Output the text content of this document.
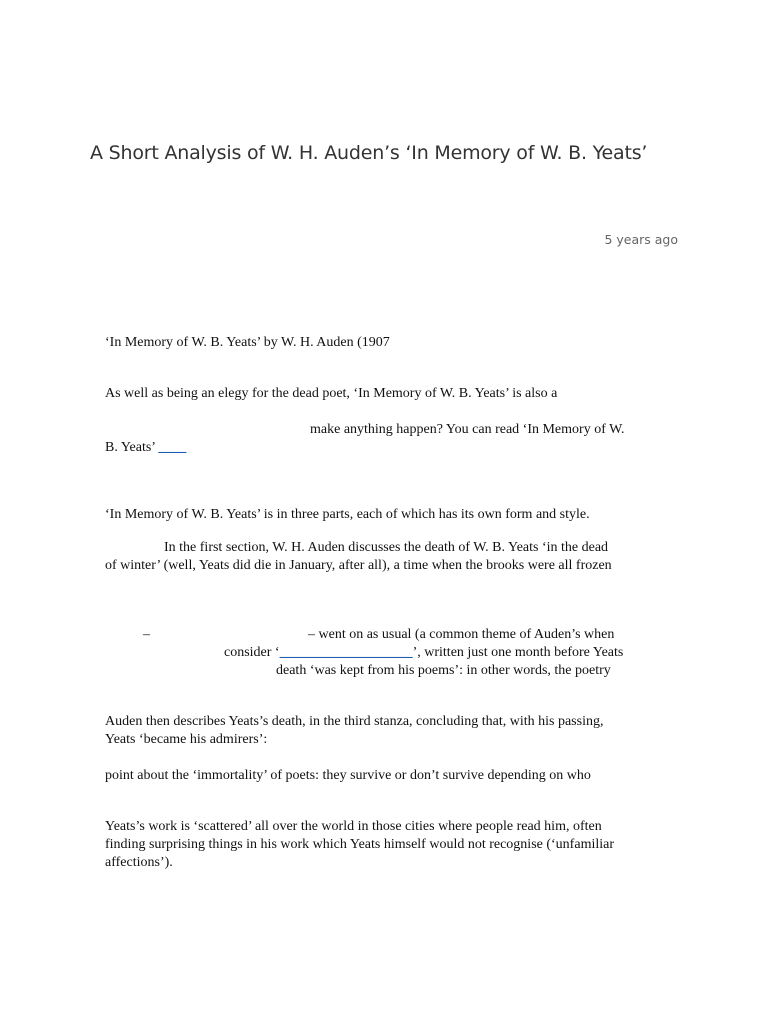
A Short Analysis of W. H. Auden’s ‘In Memory of W. B. Yeats’
5 years ago
‘In Memory of W. B. Yeats’ by W. H. Auden (1907
As well as being an elegy for the dead poet, ‘In Memory of W. B. Yeats’ is also a
make anything happen? You can read ‘In Memory of W.
B. Yeats’ ____
‘In Memory of W. B. Yeats’ is in three parts, each of which has its own form and style.
In the first section, W. H. Auden discusses the death of W. B. Yeats ‘in the dead
of winter’ (well, Yeats did die in January, after all), a time when the brooks were all frozen
–	– went on as usual (a common theme of Auden’s when
consider ‘___________________’, written just one month before Yeats
death ‘was kept from his poems’: in other words, the poetry
Auden then describes Yeats’s death, in the third stanza, concluding that, with his passing,
Yeats ‘became his admirers’:
point about the ‘immortality’ of poets: they survive or don’t survive depending on who
Yeats’s work is ‘scattered’ all over the world in those cities where people read him, often
finding surprising things in his work which Yeats himself would not recognise (‘unfamiliar
affections’).
